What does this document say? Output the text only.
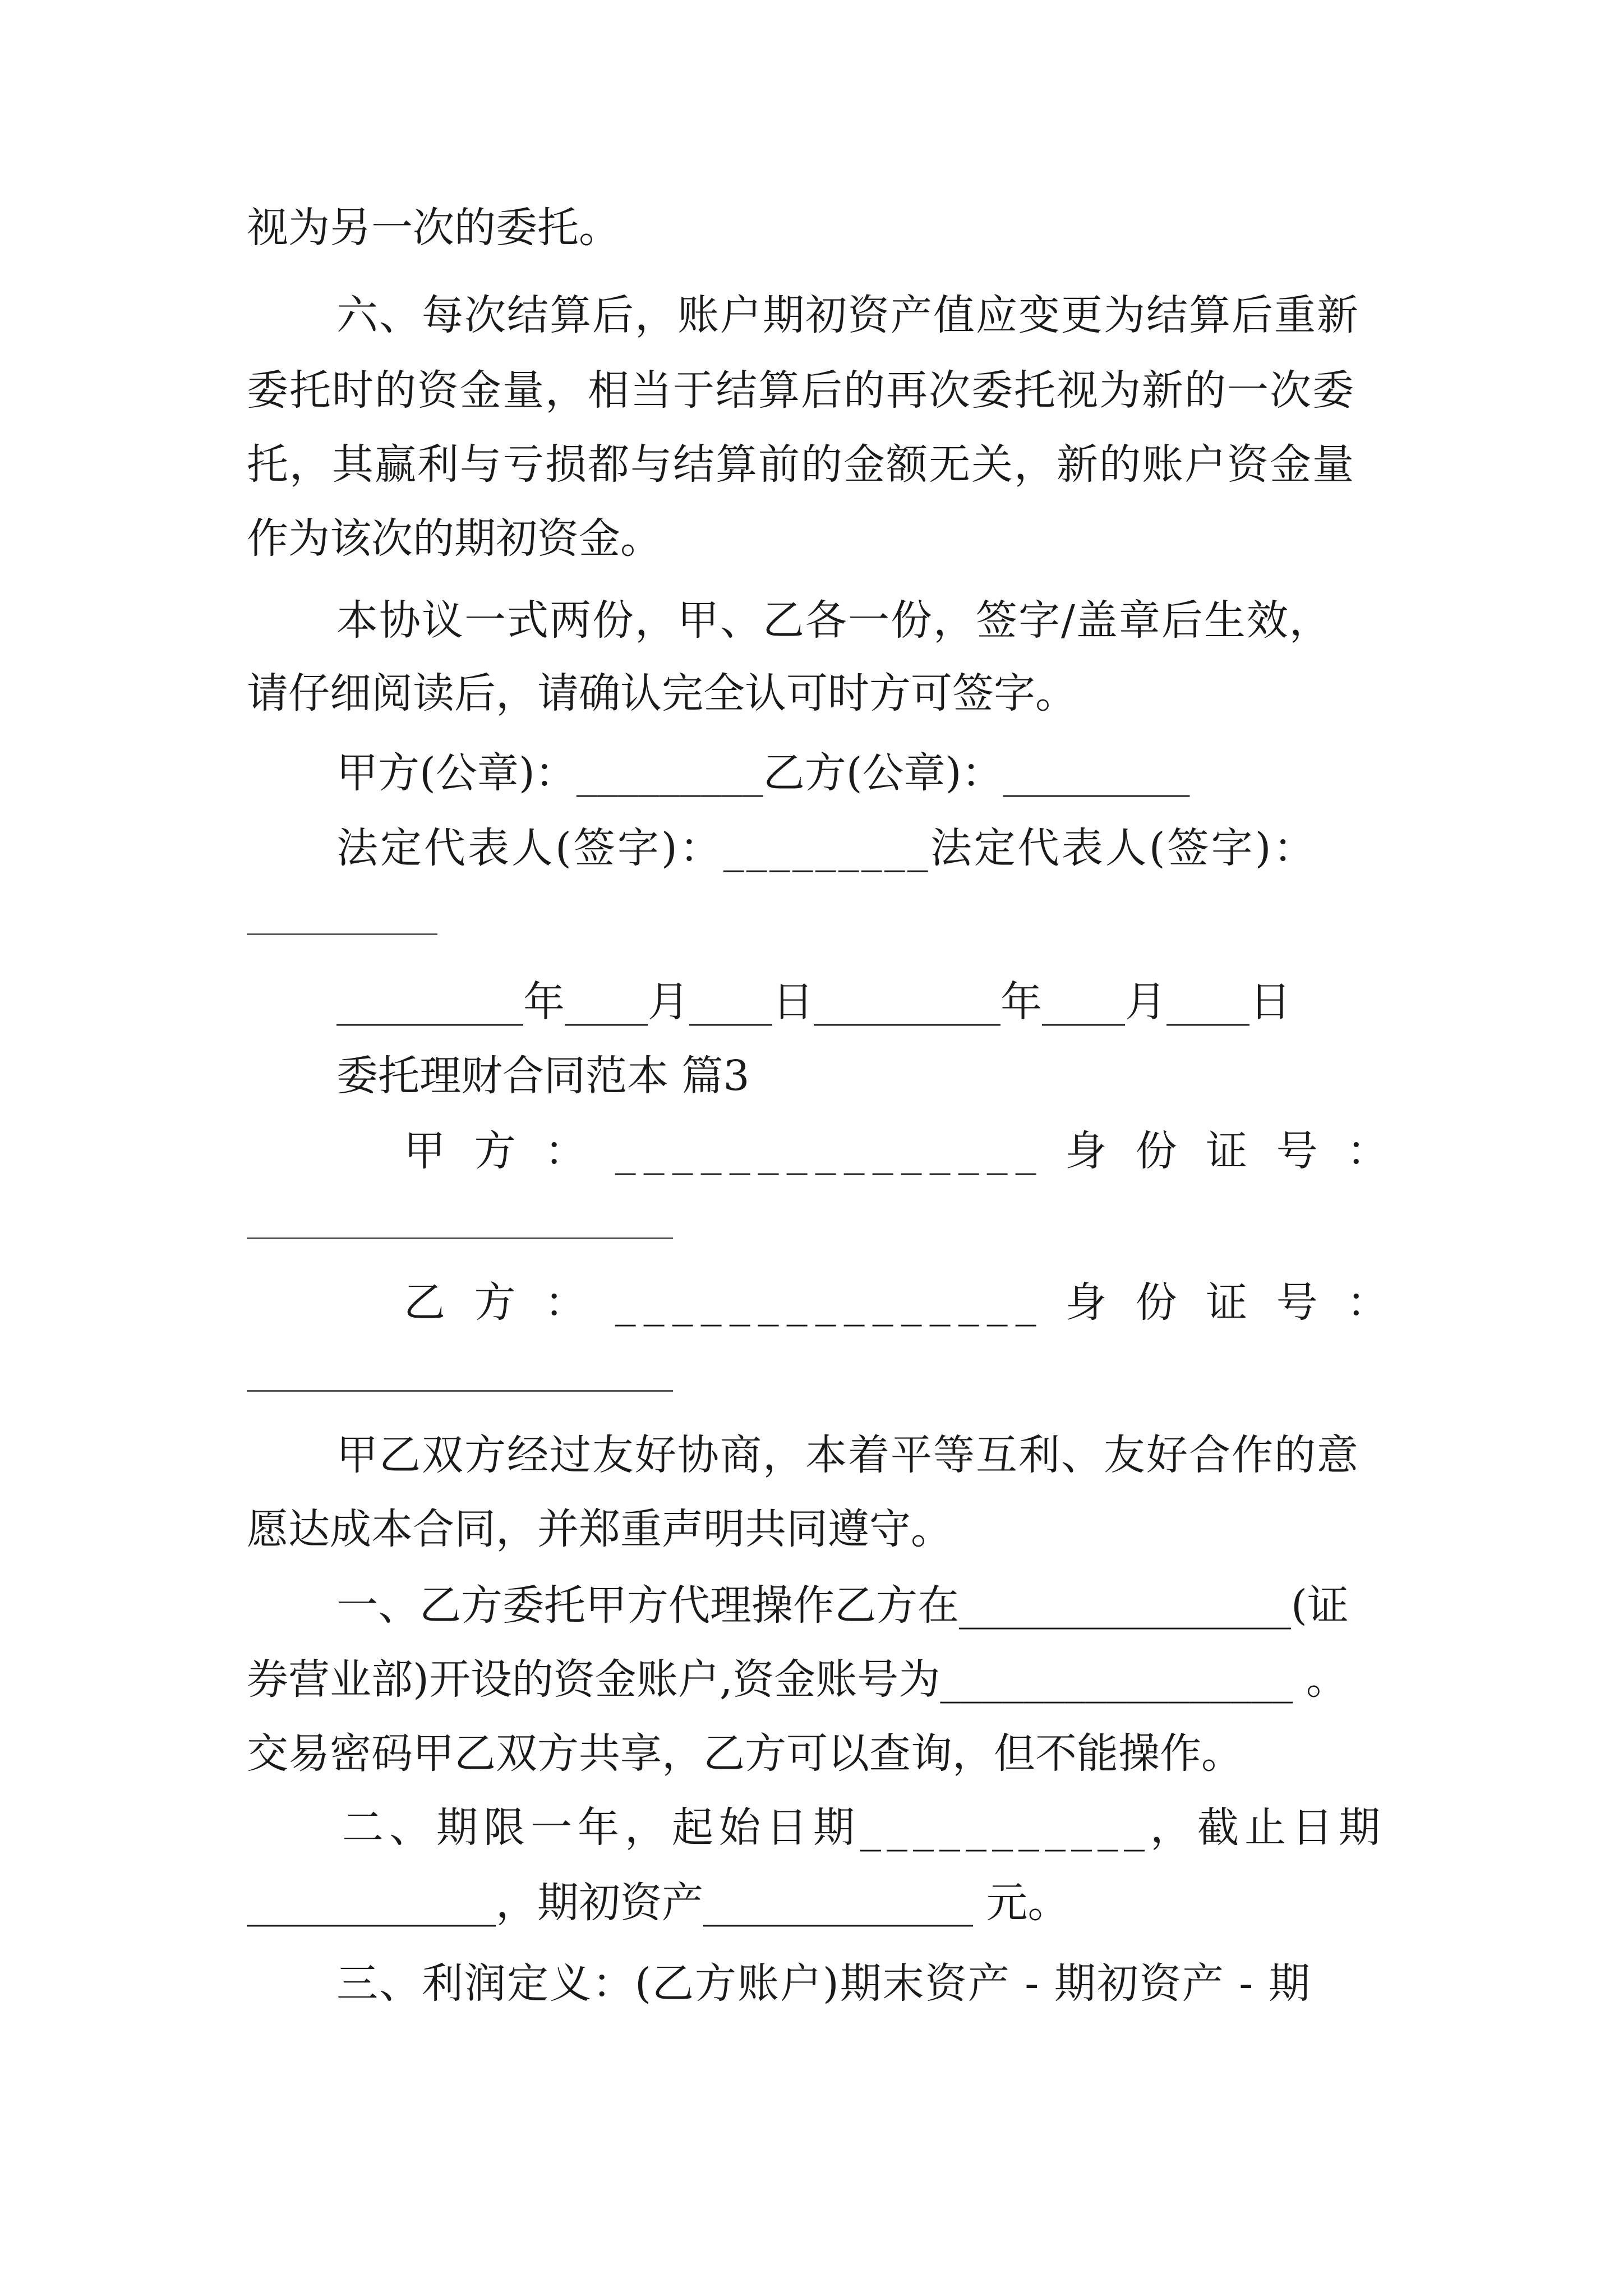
视为另一次的委托。
六、每次结算后，账户期初资产值应变更为结算后重新
委托时的资金量，相当于结算后的再次委托视为新的一次委
托，其赢利与亏损都与结算前的金额无关，新的账户资金量
作为该次的期初资金。
本协议一式两份，甲、乙各一份，签字/盖章后生效，
请仔细阅读后，请确认完全认可时方可签字。
甲方(公章)：_________乙方(公章)：_________
法定代表人(签字)：_________法定代表人(签字)：
_________年____月____日_________年____月____日
委托理财合同范本 篇3
甲 方 ： _______________ 身 份 证 号 ：
乙 方 ： _______________ 身 份 证 号 ：
甲乙双方经过友好协商，本着平等互利、友好合作的意
愿达成本合同，并郑重声明共同遵守。
一、乙方委托甲方代理操作乙方在________________(证
券营业部)开设的资金账户,资金账号为_________________ 。
交易密码甲乙双方共享，乙方可以查询，但不能操作。
二、期限一年，起始日期___________，截止日期
____________，期初资产_____________ 元。
三、利润定义：(乙方账户)期末资产 - 期初资产 - 期
